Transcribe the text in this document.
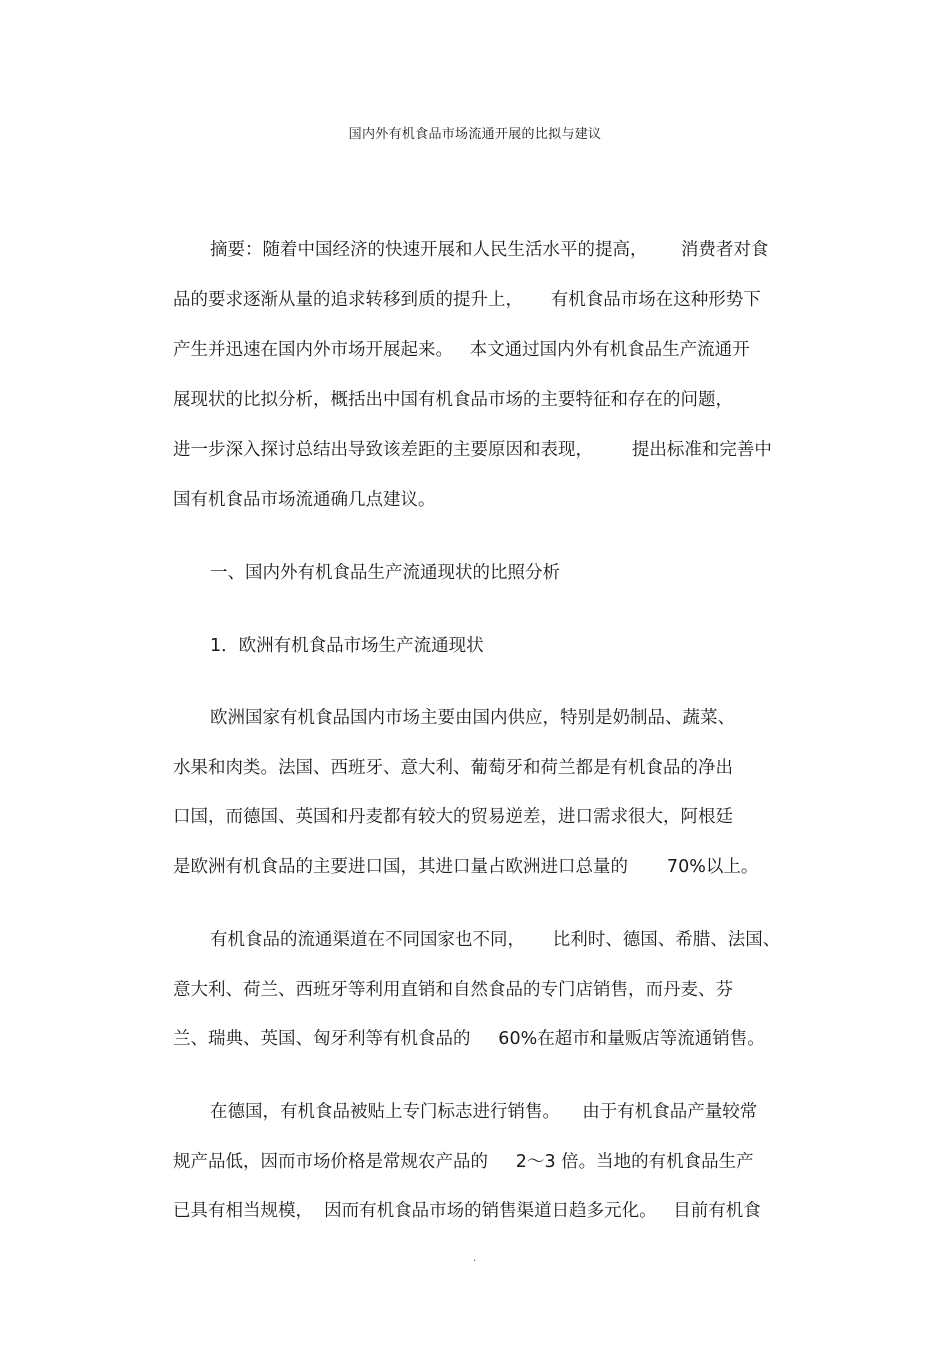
国内外有机食品市场流通开展的比拟与建议
摘要：随着中国经济的快速开展和人民生活水平的提高，      消费者对食
品的要求逐渐从量的追求转移到质的提升上，     有机食品市场在这种形势下
产生并迅速在国内外市场开展起来。   本文通过国内外有机食品生产流通开
展现状的比拟分析，概括出中国有机食品市场的主要特征和存在的问题，
进一步深入探讨总结出导致该差距的主要原因和表现，       提出标准和完善中
国有机食品市场流通确几点建议。
一、国内外有机食品生产流通现状的比照分析
1．欧洲有机食品市场生产流通现状
欧洲国家有机食品国内市场主要由国内供应，特别是奶制品、蔬菜、
水果和肉类。法国、西班牙、意大利、葡萄牙和荷兰都是有机食品的净出
口国，而德国、英国和丹麦都有较大的贸易逆差，进口需求很大，阿根廷
是欧洲有机食品的主要进口国，其进口量占欧洲进口总量的       70%以上。
有机食品的流通渠道在不同国家也不同，     比利时、德国、希腊、法国、
意大利、荷兰、西班牙等利用直销和自然食品的专门店销售，而丹麦、芬
兰、瑞典、英国、匈牙利等有机食品的     60%在超市和量贩店等流通销售。
在德国，有机食品被贴上专门标志进行销售。    由于有机食品产量较常
规产品低，因而市场价格是常规农产品的     2～3 倍。当地的有机食品生产
已具有相当规模，  因而有机食品市场的销售渠道日趋多元化。   目前有机食
.
